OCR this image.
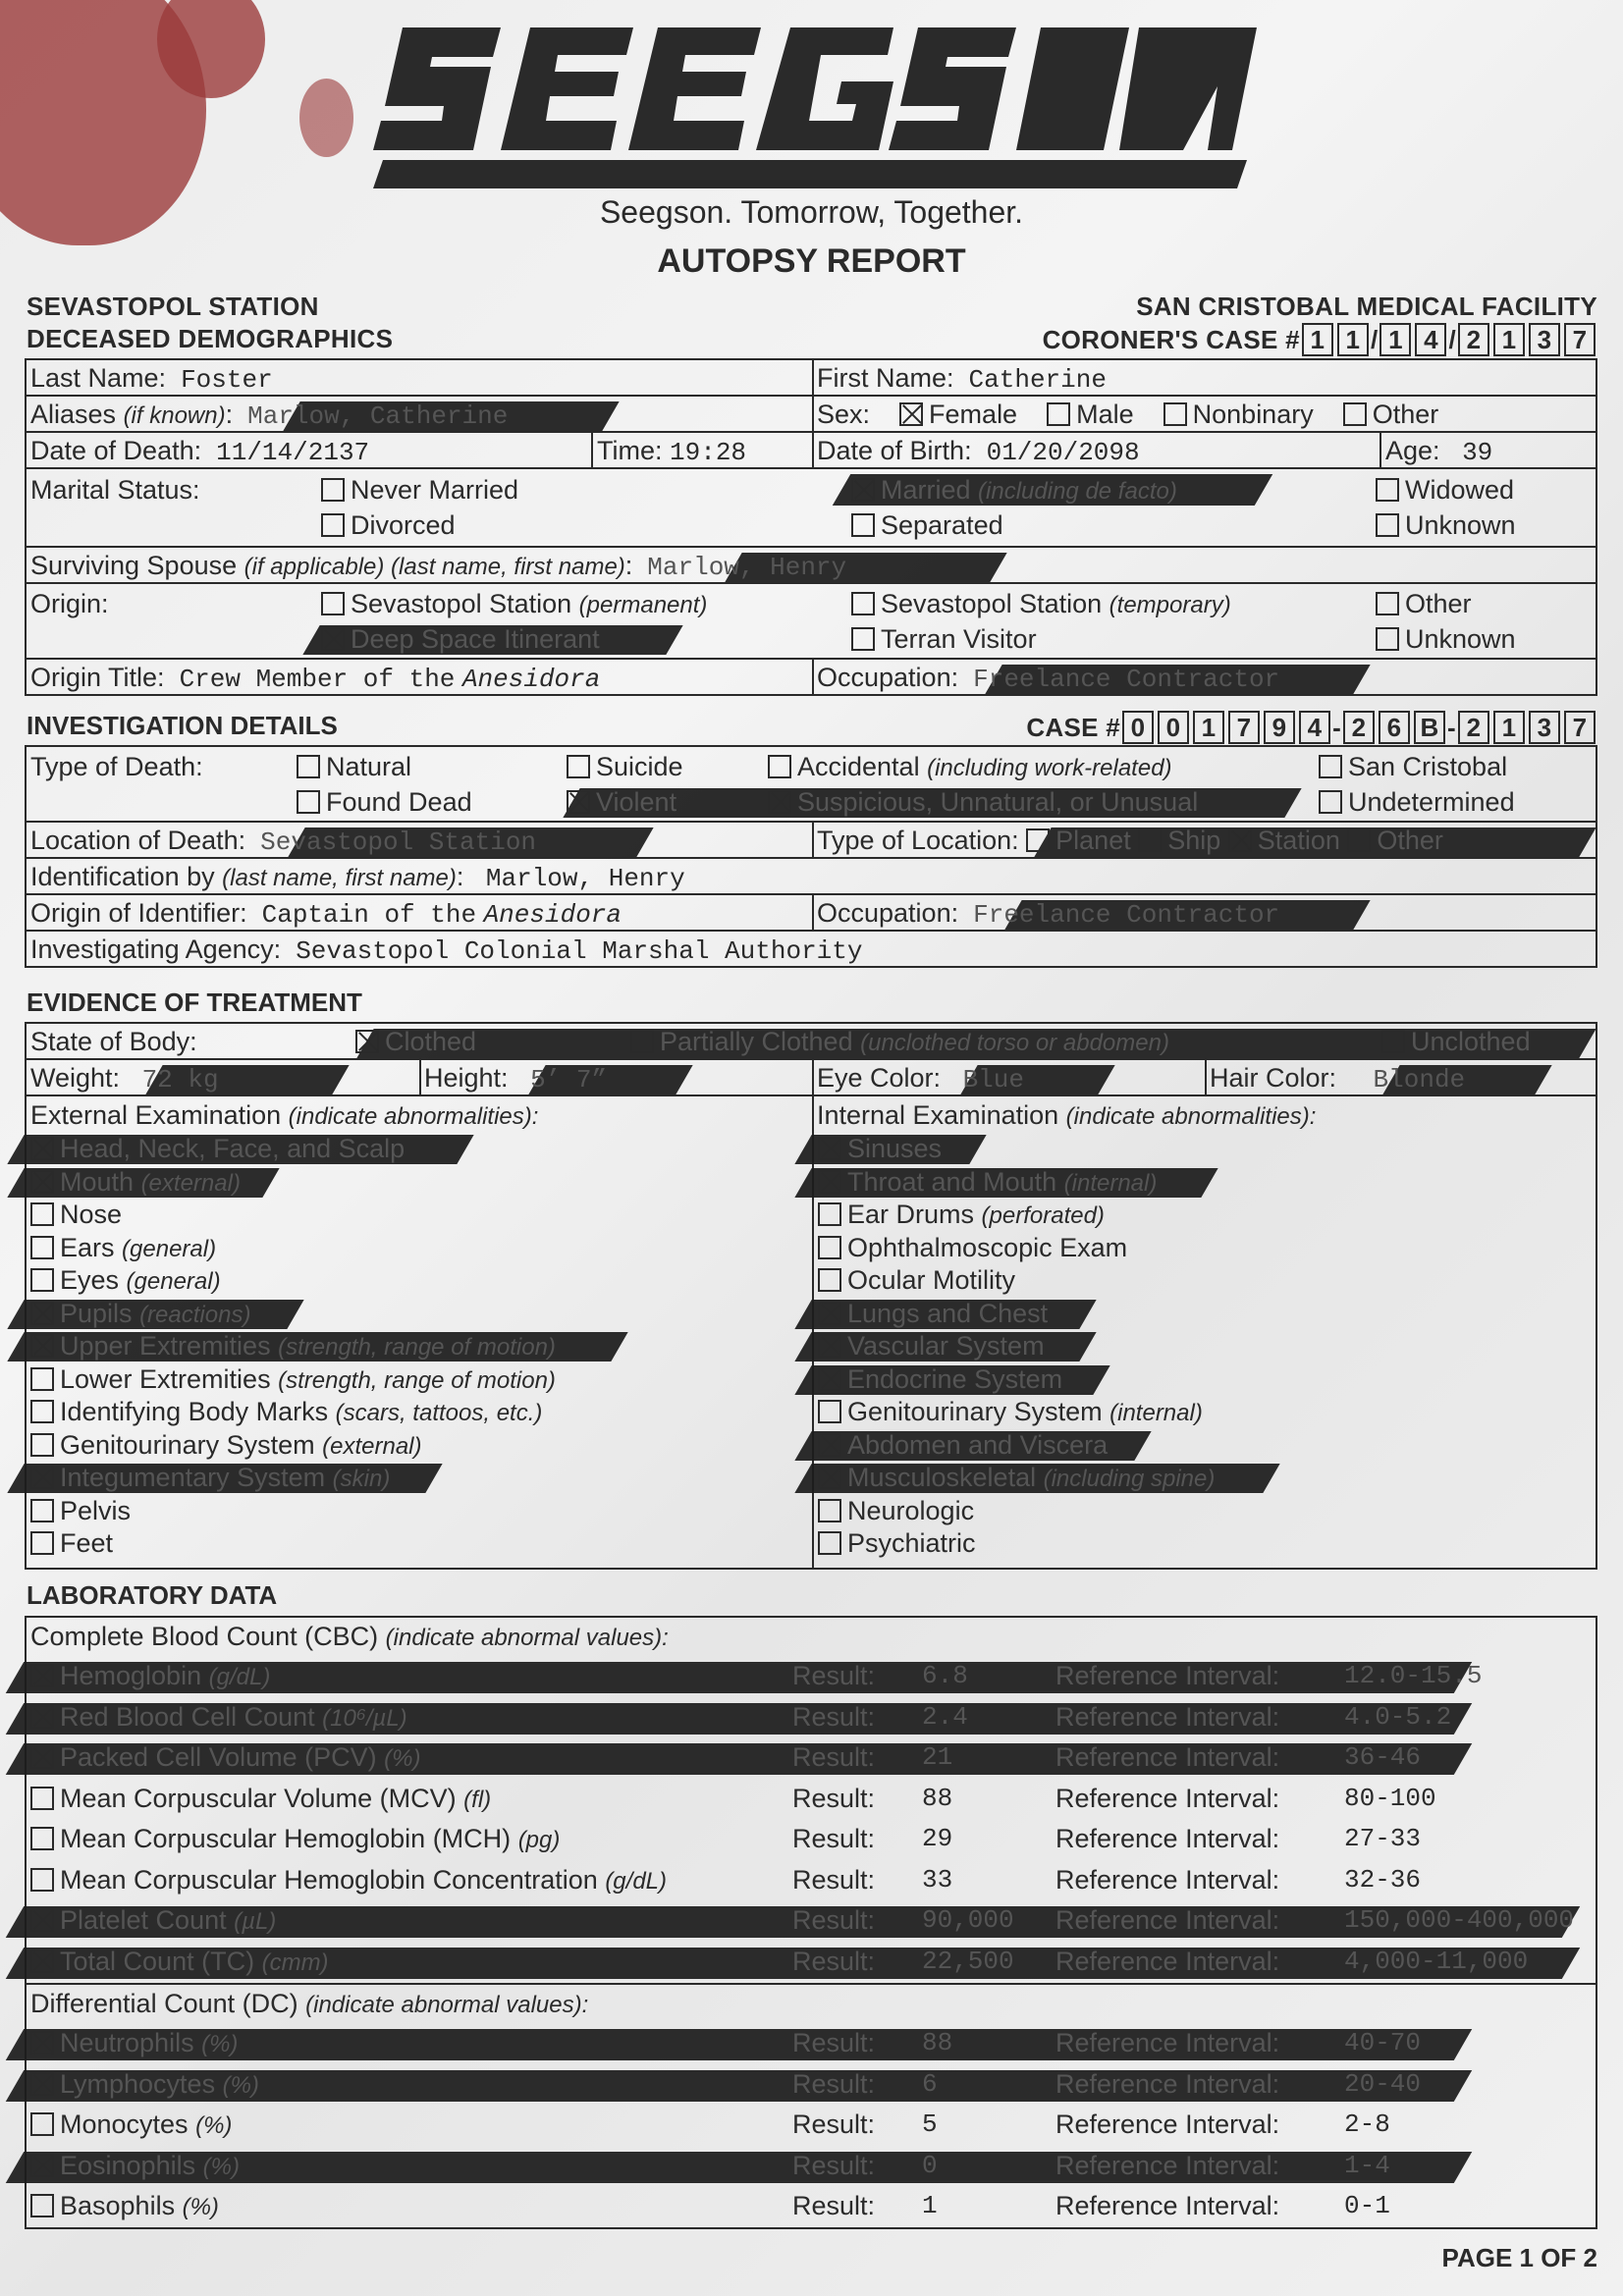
Seegson. Tomorrow, Together.
AUTOPSY REPORT
SEVASTOPOL STATION
DECEASED DEMOGRAPHICS
SAN CRISTOBAL MEDICAL FACILITY
CORONER'S CASE # 1 1 / 1 4 / 2 1 3 7
Last Name: Foster	First Name: Catherine
Aliases (if known):  Marlow, Catherine	Sex: Female Male Nonbinary Other
Date of Death: 11/14/2137	Time: 19:28	Date of Birth: 01/20/2098	Age: 39
Marital Status:	Never Married
Divorced
Married (including de facto)
Separated
Widowed
Unknown
Surviving Spouse (if applicable) (last name, first name):  Marlow, Henry
Origin:	Sevastopol Station (permanent)
Deep Space Itinerant
Sevastopol Station (temporary)
Terran Visitor
Other
Unknown
Origin Title: Crew Member of the Anesidora	Occupation: Freelance Contractor
INVESTIGATION DETAILS	CASE # 0 0 1 7 9 4 - 2 6 B - 2 1 3 7
Type of Death:	Natural
Found Dead
Suicide
Violent
Accidental (including work-related)
Suspicious, Unnatural, or Unusual
San Cristobal
Undetermined
Location of Death: Sevastopol Station	Type of Location: Planet Ship Station Other
Identification by (last name, first name):   Marlow, Henry
Origin of Identifier: Captain of the Anesidora	Occupation: Freelance Contractor
Investigating Agency: Sevastopol Colonial Marshal Authority
EVIDENCE OF TREATMENT
State of Body:	Clothed	Partially Clothed (unclothed torso or abdomen)	Unclothed
Weight: 72 kg	Height: 5’ 7”	Eye Color: Blue	Hair Color: Blonde
External Examination (indicate abnormalities):	Internal Examination (indicate abnormalities):
Head, Neck, Face, and Scalp
Mouth (external)
Nose
Ears (general)
Eyes (general)
Pupils (reactions)
Upper Extremities (strength, range of motion)
Lower Extremities (strength, range of motion)
Identifying Body Marks (scars, tattoos, etc.)
Genitourinary System (external)
Integumentary System (skin)
Pelvis
Feet
Sinuses
Throat and Mouth (internal)
Ear Drums (perforated)
Ophthalmoscopic Exam
Ocular Motility
Lungs and Chest
Vascular System
Endocrine System
Genitourinary System (internal)
Abdomen and Viscera
Musculoskeletal (including spine)
Neurologic
Psychiatric
LABORATORY DATA
Complete Blood Count (CBC) (indicate abnormal values):
Hemoglobin (g/dL)	Result: 6.8	Reference Interval:	12.0-15.5
Red Blood Cell Count (10⁶/µL)	Result: 2.4	Reference Interval:	4.0-5.2
Packed Cell Volume (PCV) (%)	Result: 21	Reference Interval:	36-46
Mean Corpuscular Volume (MCV) (fl)	Result: 88	Reference Interval:	80-100
Mean Corpuscular Hemoglobin (MCH) (pg)	Result: 29	Reference Interval:	27-33
Mean Corpuscular Hemoglobin Concentration (g/dL)	Result: 33	Reference Interval:	32-36
Platelet Count (µL)	Result: 90,000 Reference Interval:	150,000-400,000
Total Count (TC) (cmm)	Result: 22,500 Reference Interval:	4,000-11,000
Differential Count (DC) (indicate abnormal values):
Neutrophils (%)	Result: 88	Reference Interval:	40-70
Lymphocytes (%)	Result: 6	Reference Interval:	20-40
Monocytes (%)	Result: 5	Reference Interval:	2-8
Eosinophils (%)	Result: 0	Reference Interval:	1-4
Basophils (%)	Result: 1	Reference Interval:	0-1
PAGE 1 OF 2
